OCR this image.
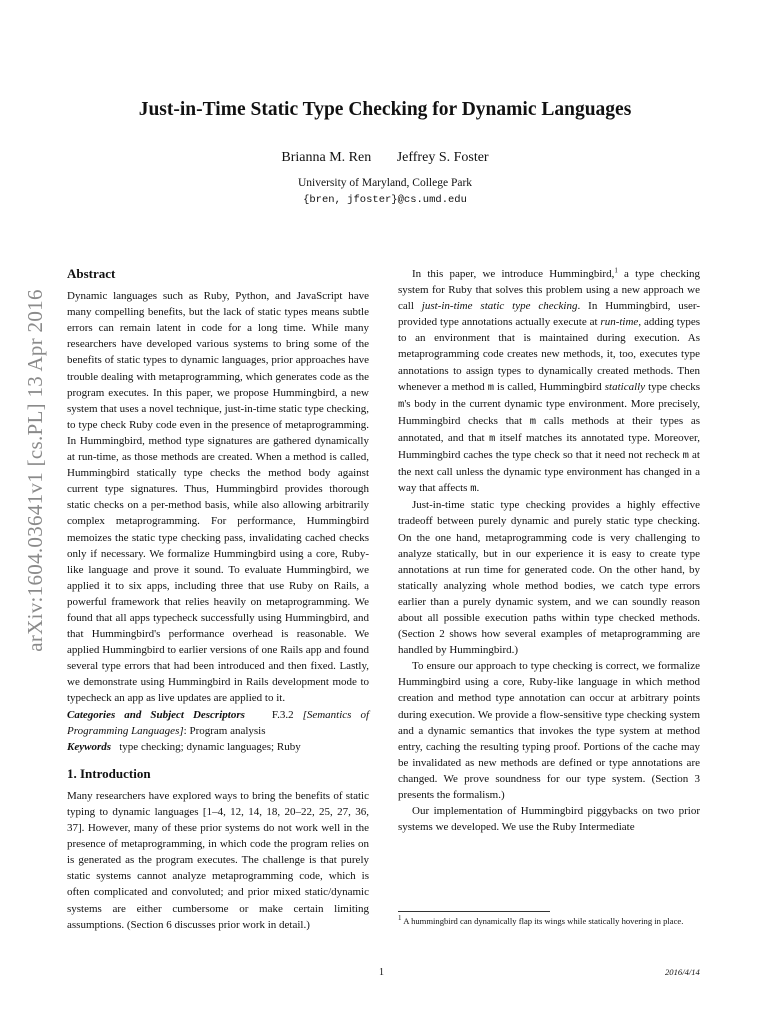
arXiv:1604.03641v1 [cs.PL] 13 Apr 2016
Just-in-Time Static Type Checking for Dynamic Languages
Brianna M. Ren Jeffrey S. Foster
University of Maryland, College Park
{bren, jfoster}@cs.umd.edu
Abstract

Dynamic languages such as Ruby, Python, and JavaScript have many compelling benefits, but the lack of static types means subtle errors can remain latent in code for a long time. While many researchers have developed various systems to bring some of the benefits of static types to dynamic languages, prior approaches have trouble dealing with metaprogramming, which generates code as the program executes. In this paper, we propose Hummingbird, a new system that uses a novel technique, just-in-time static type checking, to type check Ruby code even in the presence of metaprogramming. In Hummingbird, method type signatures are gathered dynamically at run-time, as those methods are created. When a method is called, Hummingbird statically type checks the method body against current type signatures. Thus, Hummingbird provides thorough static checks on a per-method basis, while also allowing arbitrarily complex metaprogramming. For performance, Hummingbird memoizes the static type checking pass, invalidating cached checks only if necessary. We formalize Hummingbird using a core, Ruby-like language and prove it sound. To evaluate Hummingbird, we applied it to six apps, including three that use Ruby on Rails, a powerful framework that relies heavily on metaprogramming. We found that all apps typecheck successfully using Hummingbird, and that Hummingbird's performance overhead is reasonable. We applied Hummingbird to earlier versions of one Rails app and found several type errors that had been introduced and then fixed. Lastly, we demonstrate using Hummingbird in Rails development mode to typecheck an app as live updates are applied to it.

Categories and Subject Descriptors F.3.2 [Semantics of Programming Languages]: Program analysis

Keywords type checking; dynamic languages; Ruby

1. Introduction

Many researchers have explored ways to bring the benefits of static typing to dynamic languages [1–4, 12, 14, 18, 20–22, 25, 27, 36, 37]. However, many of these prior systems do not work well in the presence of metaprogramming, in which code the program relies on is generated as the program executes. The challenge is that purely static systems cannot analyze metaprogramming code, which is often complicated and convoluted; and prior mixed static/dynamic systems are either cumbersome or make certain limiting assumptions. (Section 6 discusses prior work in detail.)

In this paper, we introduce Hummingbird,$^1$ a type checking system for Ruby that solves this problem using a new approach we call just-in-time static type checking. In Hummingbird, user-provided type annotations actually execute at run-time, adding types to an environment that is maintained during execution. As metaprogramming code creates new methods, it, too, executes type annotations to assign types to dynamically created methods. Then whenever a method m is called, Hummingbird statically type checks m's body in the current dynamic type environment. More precisely, Hummingbird checks that m calls methods at their types as annotated, and that m itself matches its annotated type. Moreover, Hummingbird caches the type check so that it need not recheck m at the next call unless the dynamic type environment has changed in a way that affects m.

Just-in-time static type checking provides a highly effective tradeoff between purely dynamic and purely static type checking. On the one hand, metaprogramming code is very challenging to analyze statically, but in our experience it is easy to create type annotations at run time for generated code. On the other hand, by statically analyzing whole method bodies, we catch type errors earlier than a purely dynamic system, and we can soundly reason about all possible execution paths within type checked methods. (Section 2 shows how several examples of metaprogramming are handled by Hummingbird.)

To ensure our approach to type checking is correct, we formalize Hummingbird using a core, Ruby-like language in which method creation and method type annotation can occur at arbitrary points during execution. We provide a flow-sensitive type checking system and a dynamic semantics that invokes the type system at method entry, caching the resulting typing proof. Portions of the cache may be invalidated as new methods are defined or type annotations are changed. We prove soundness for our type system. (Section 3 presents the formalism.)

Our implementation of Hummingbird piggybacks on two prior systems we developed. We use the Ruby Intermediate

$^1$ A hummingbird can dynamically flap its wings while statically hovering in place.
1	2016/4/14
